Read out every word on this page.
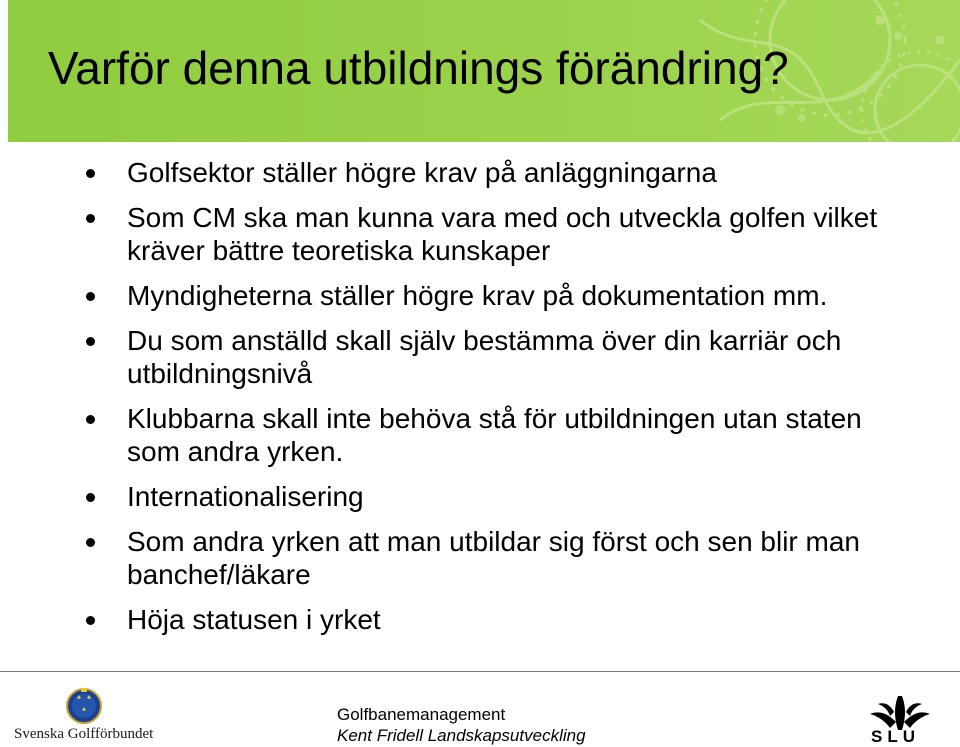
Varför denna utbildnings förändring?
Golfsektor ställer högre krav på anläggningarna
Som CM ska man kunna vara med och utveckla golfen vilket kräver bättre teoretiska kunskaper
Myndigheterna ställer högre krav på dokumentation mm.
Du som anställd skall själv bestämma över din karriär och utbildningsnivå
Klubbarna skall inte behöva stå för utbildningen utan staten som andra yrken.
Internationalisering
Som andra yrken att man utbildar sig först och sen blir man banchef/läkare
Höja statusen i yrket
Svenska Golfförbundet
Golfbanemanagement
Kent Fridell Landskapsutveckling	SLU
